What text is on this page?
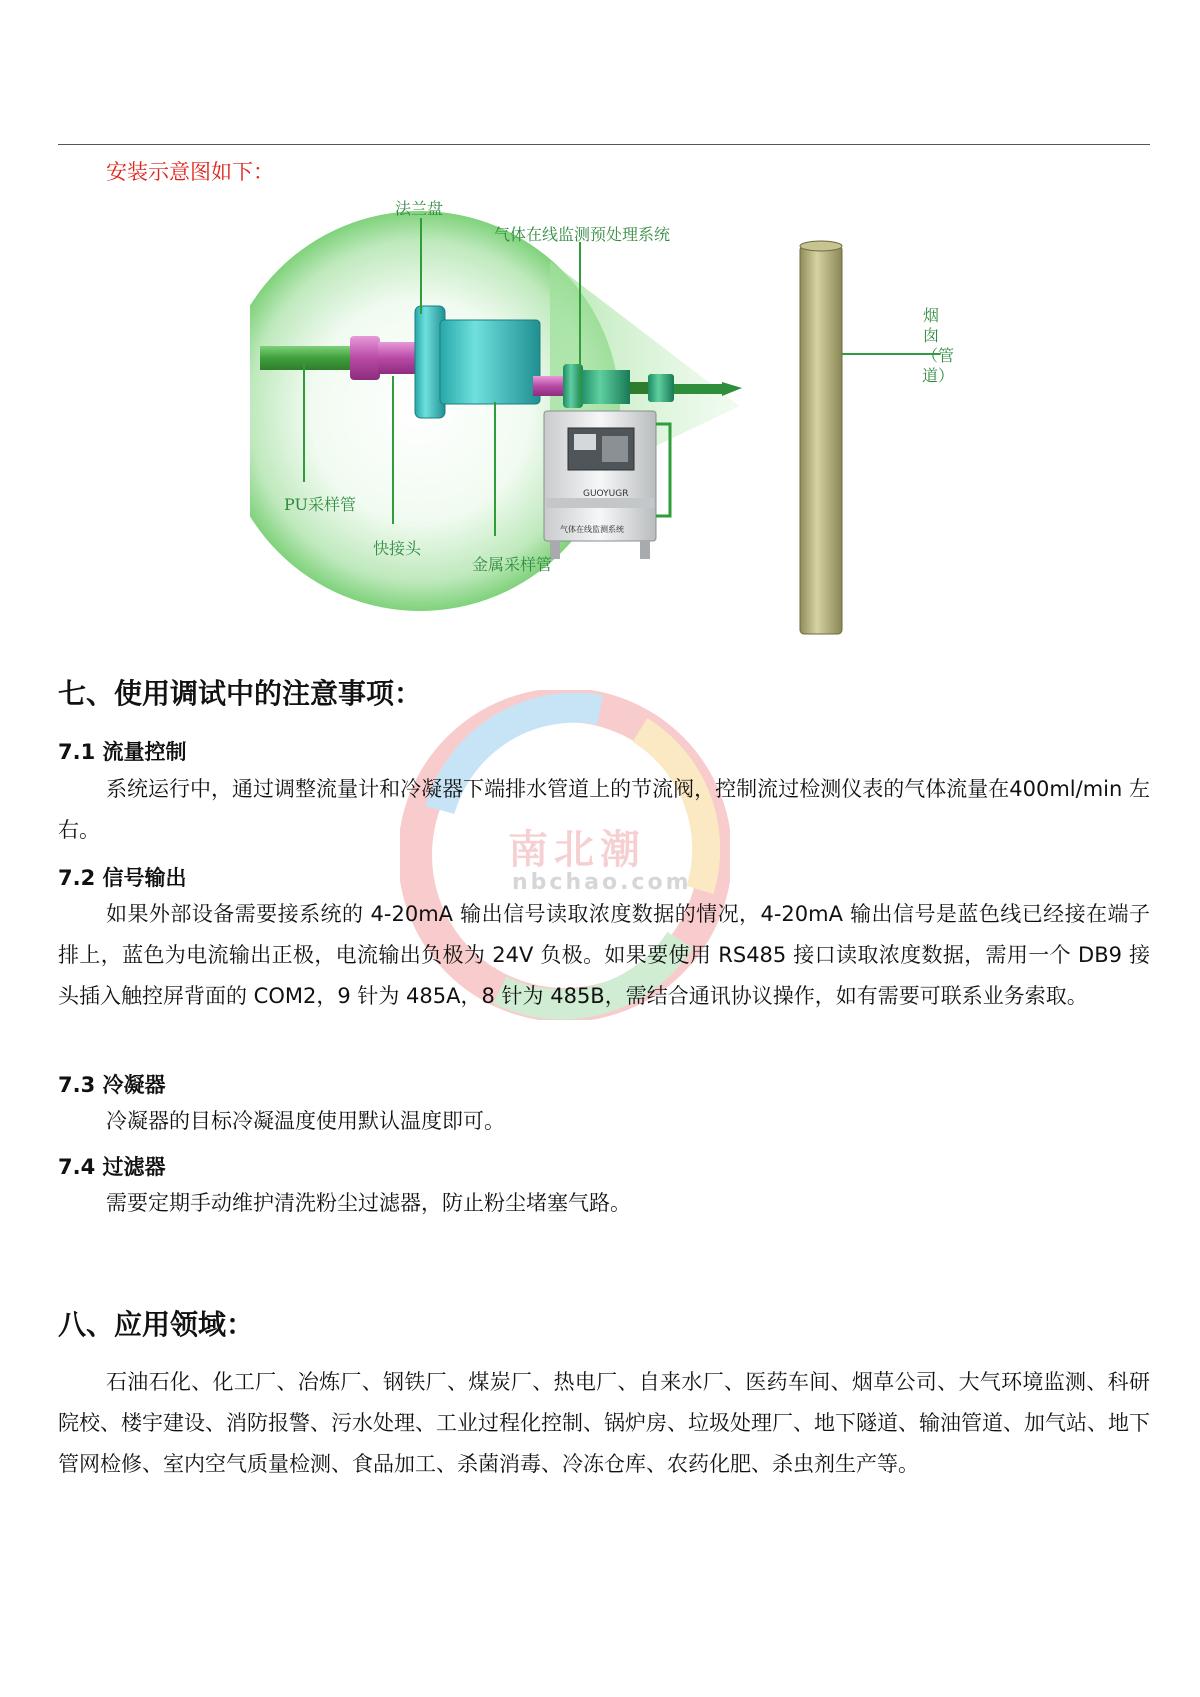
安装示意图如下：
GUOYUGR
气体在线监测系统
法兰盘
气体在线监测预处理系统
烟囱（管道）
PU采样管
快接头
金属采样管
南北潮
nbchao.com
七、使用调试中的注意事项：
7.1 流量控制
系统运行中，通过调整流量计和冷凝器下端排水管道上的节流阀，控制流过检测仪表的气体流量在400ml/min 左右。
7.2 信号输出
如果外部设备需要接系统的 4-20mA 输出信号读取浓度数据的情况，4-20mA 输出信号是蓝色线已经接在端子排上，蓝色为电流输出正极，电流输出负极为 24V 负极。如果要使用 RS485 接口读取浓度数据，需用一个 DB9 接头插入触控屏背面的 COM2，9 针为 485A，8 针为 485B，需结合通讯协议操作，如有需要可联系业务索取。
7.3 冷凝器
冷凝器的目标冷凝温度使用默认温度即可。
7.4 过滤器
需要定期手动维护清洗粉尘过滤器，防止粉尘堵塞气路。
八、应用领域：
石油石化、化工厂、冶炼厂、钢铁厂、煤炭厂、热电厂、自来水厂、医药车间、烟草公司、大气环境监测、科研院校、楼宇建设、消防报警、污水处理、工业过程化控制、锅炉房、垃圾处理厂、地下隧道、输油管道、加气站、地下管网检修、室内空气质量检测、食品加工、杀菌消毒、冷冻仓库、农药化肥、杀虫剂生产等。
